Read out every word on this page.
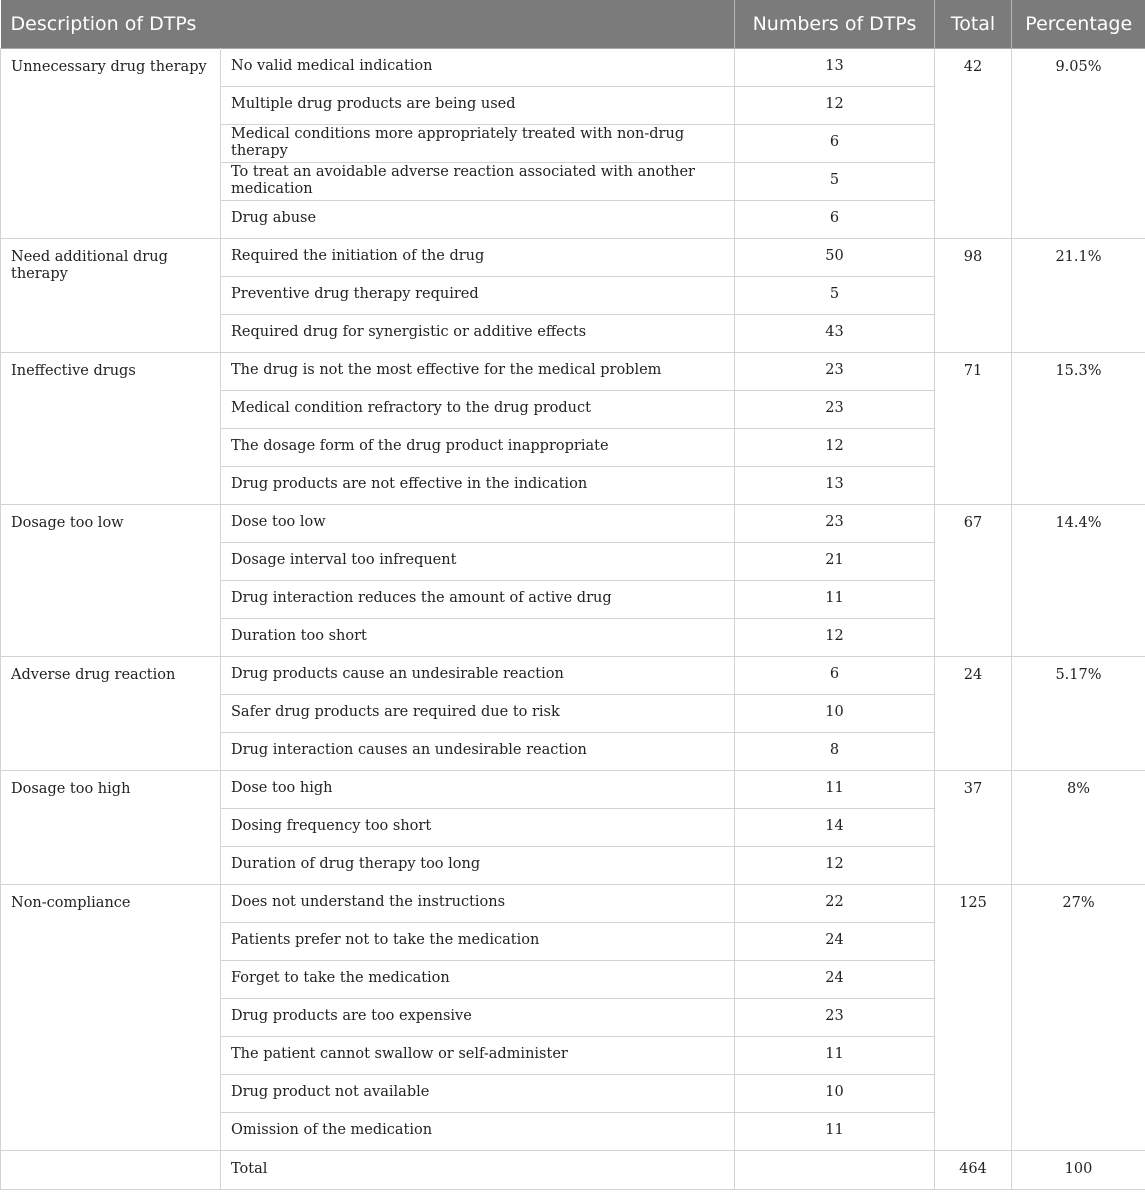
Description of DTPs		Numbers of DTPs	Total	Percentage
Unnecessary drug therapy	No valid medical indication	13	42	9.05%
	Multiple drug products are being used	12		
	Medical conditions more appropriately treated with non-drug therapy	6		
	To treat an avoidable adverse reaction associated with another medication	5		
	Drug abuse	6		
Need additional drug therapy	Required the initiation of the drug	50	98	21.1%
	Preventive drug therapy required	5		
	Required drug for synergistic or additive effects	43		
Ineffective drugs	The drug is not the most effective for the medical problem	23	71	15.3%
	Medical condition refractory to the drug product	23		
	The dosage form of the drug product inappropriate	12		
	Drug products are not effective in the indication	13		
Dosage too low	Dose too low	23	67	14.4%
	Dosage interval too infrequent	21		
	Drug interaction reduces the amount of active drug	11		
	Duration too short	12		
Adverse drug reaction	Drug products cause an undesirable reaction	6	24	5.17%
	Safer drug products are required due to risk	10		
	Drug interaction causes an undesirable reaction	8		
Dosage too high	Dose too high	11	37	8%
	Dosing frequency too short	14		
	Duration of drug therapy too long	12		
Non-compliance	Does not understand the instructions	22	125	27%
	Patients prefer not to take the medication	24		
	Forget to take the medication	24		
	Drug products are too expensive	23		
	The patient cannot swallow or self-administer	11		
	Drug product not available	10		
	Omission of the medication	11		
	Total		464	100
